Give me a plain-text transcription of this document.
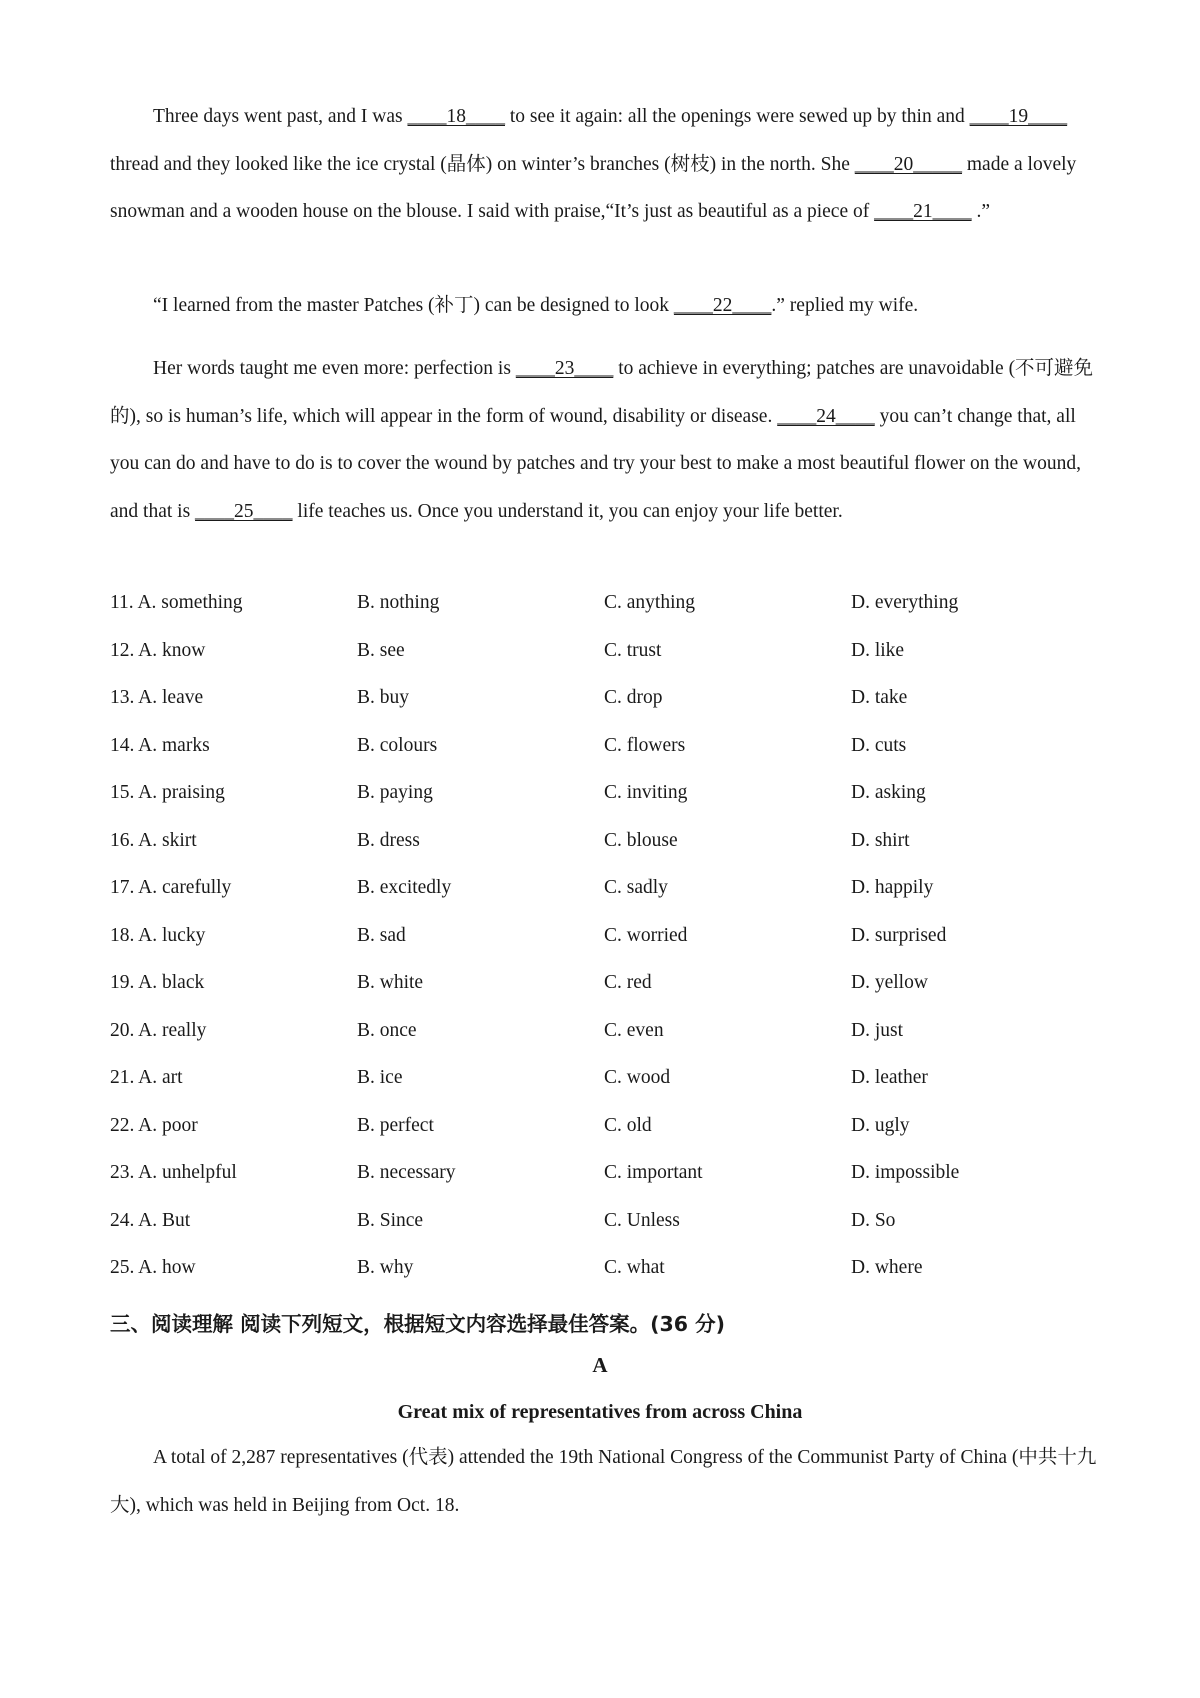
Three days went past, and I was ____18____ to see it again: all the openings were sewed up by thin and ____19____ thread and they looked like the ice crystal (晶体) on winter’s branches (树枝) in the north. She ____20_____ made a lovely snowman and a wooden house on the blouse. I said with praise,“It’s just as beautiful as a piece of ____21____ .”

“I learned from the master Patches (补丁) can be designed to look ____22____.” replied my wife.

Her words taught me even more: perfection is ____23____ to achieve in everything; patches are unavoidable (不可避免的), so is human’s life, which will appear in the form of wound, disability or disease. ____24____ you can’t change that, all you can do and have to do is to cover the wound by patches and try your best to make a most beautiful flower on the wound, and that is ____25____ life teaches us. Once you understand it, you can enjoy your life better.

11. A. something	B. nothing	C. anything	D. everything
12. A. know	B. see	C. trust	D. like
13. A. leave	B. buy	C. drop	D. take
14. A. marks	B. colours	C. flowers	D. cuts
15. A. praising	B. paying	C. inviting	D. asking
16. A. skirt	B. dress	C. blouse	D. shirt
17. A. carefully	B. excitedly	C. sadly	D. happily
18. A. lucky	B. sad	C. worried	D. surprised
19. A. black	B. white	C. red	D. yellow
20. A. really	B. once	C. even	D. just
21. A. art	B. ice	C. wood	D. leather
22. A. poor	B. perfect	C. old	D. ugly
23. A. unhelpful	B. necessary	C. important	D. impossible
24. A. But	B. Since	C. Unless	D. So
25. A. how	B. why	C. what	D. where
三、阅读理解 阅读下列短文，根据短文内容选择最佳答案。(36 分)
A
Great mix of representatives from across China

A total of 2,287 representatives (代表) attended the 19th National Congress of the Communist Party of China (中共十九大), which was held in Beijing from Oct. 18.
